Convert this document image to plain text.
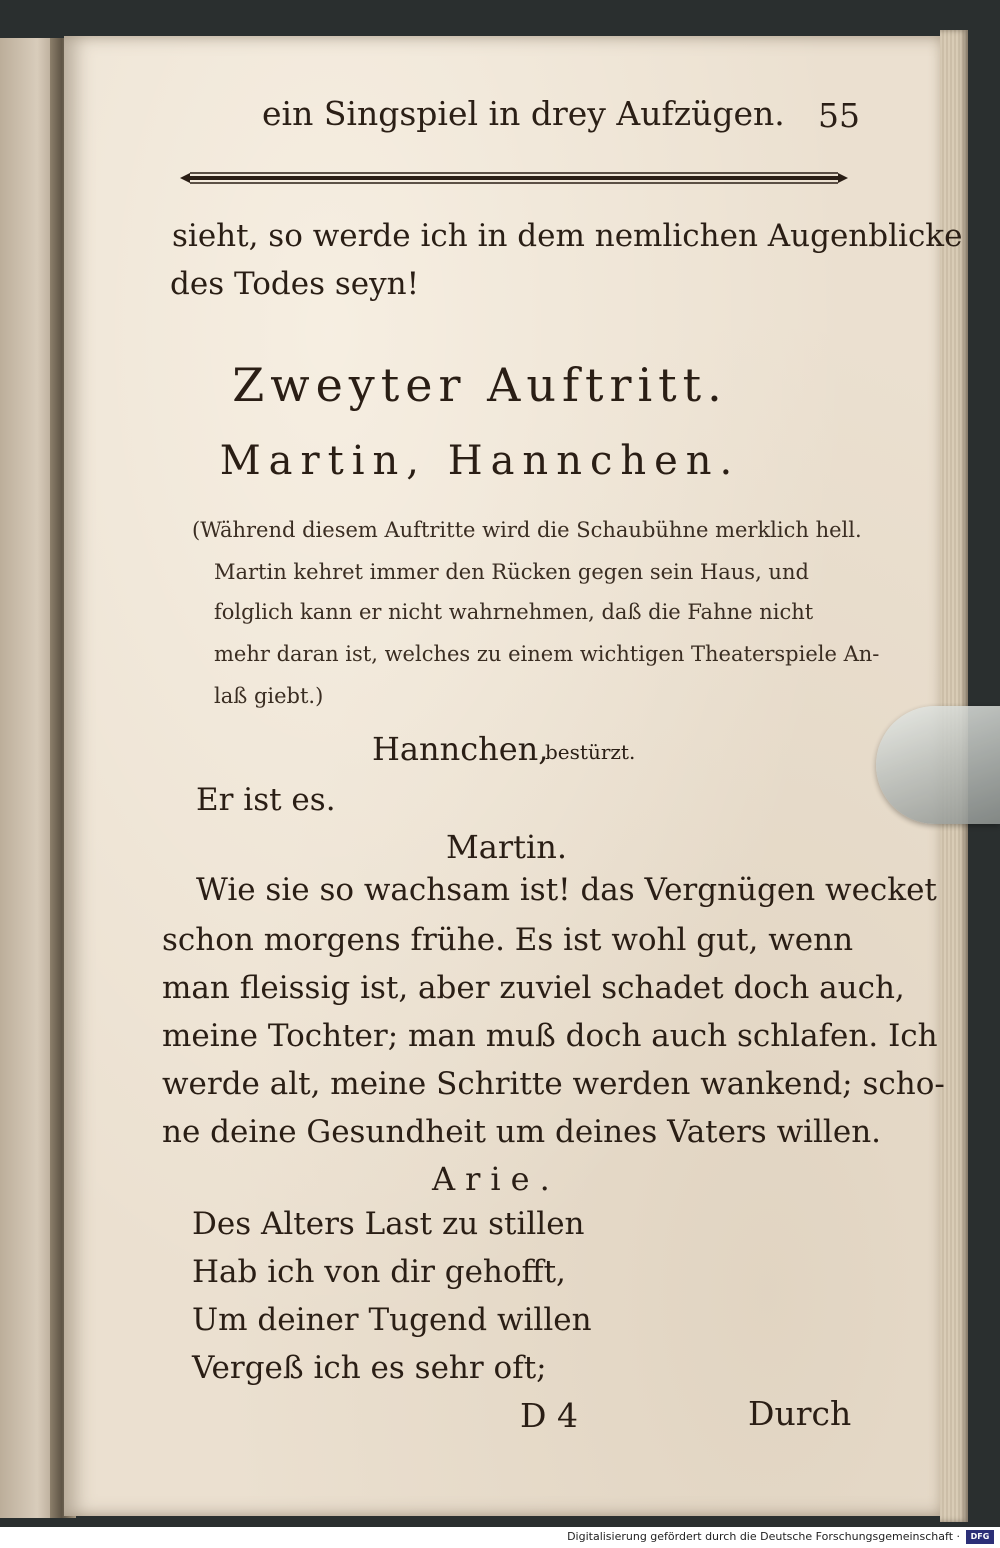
ein Singspiel in drey Aufzügen. 55
sieht, so werde ich in dem nemlichen Augenblicke
des Todes seyn!
Zweyter Auftritt.
Martin, Hannchen.
(Während diesem Auftritte wird die Schaubühne merklich hell.
Martin kehret immer den Rücken gegen sein Haus, und
folglich kann er nicht wahrnehmen, daß die Fahne nicht
mehr daran ist, welches zu einem wichtigen Theaterspiele An-
laß giebt.)
Hannchen,
bestürzt.
Er ist es.
Martin.
Wie sie so wachsam ist! das Vergnügen wecket
schon morgens frühe. Es ist wohl gut, wenn
man fleissig ist, aber zuviel schadet doch auch,
meine Tochter; man muß doch auch schlafen. Ich
werde alt, meine Schritte werden wankend; scho-
ne deine Gesundheit um deines Vaters willen.
Arie.
Des Alters Last zu stillen
Hab ich von dir gehofft,
Um deiner Tugend willen
Vergeß ich es sehr oft;
D 4	Durch
Digitalisierung gefördert durch die Deutsche Forschungsgemeinschaft ·	DFG
